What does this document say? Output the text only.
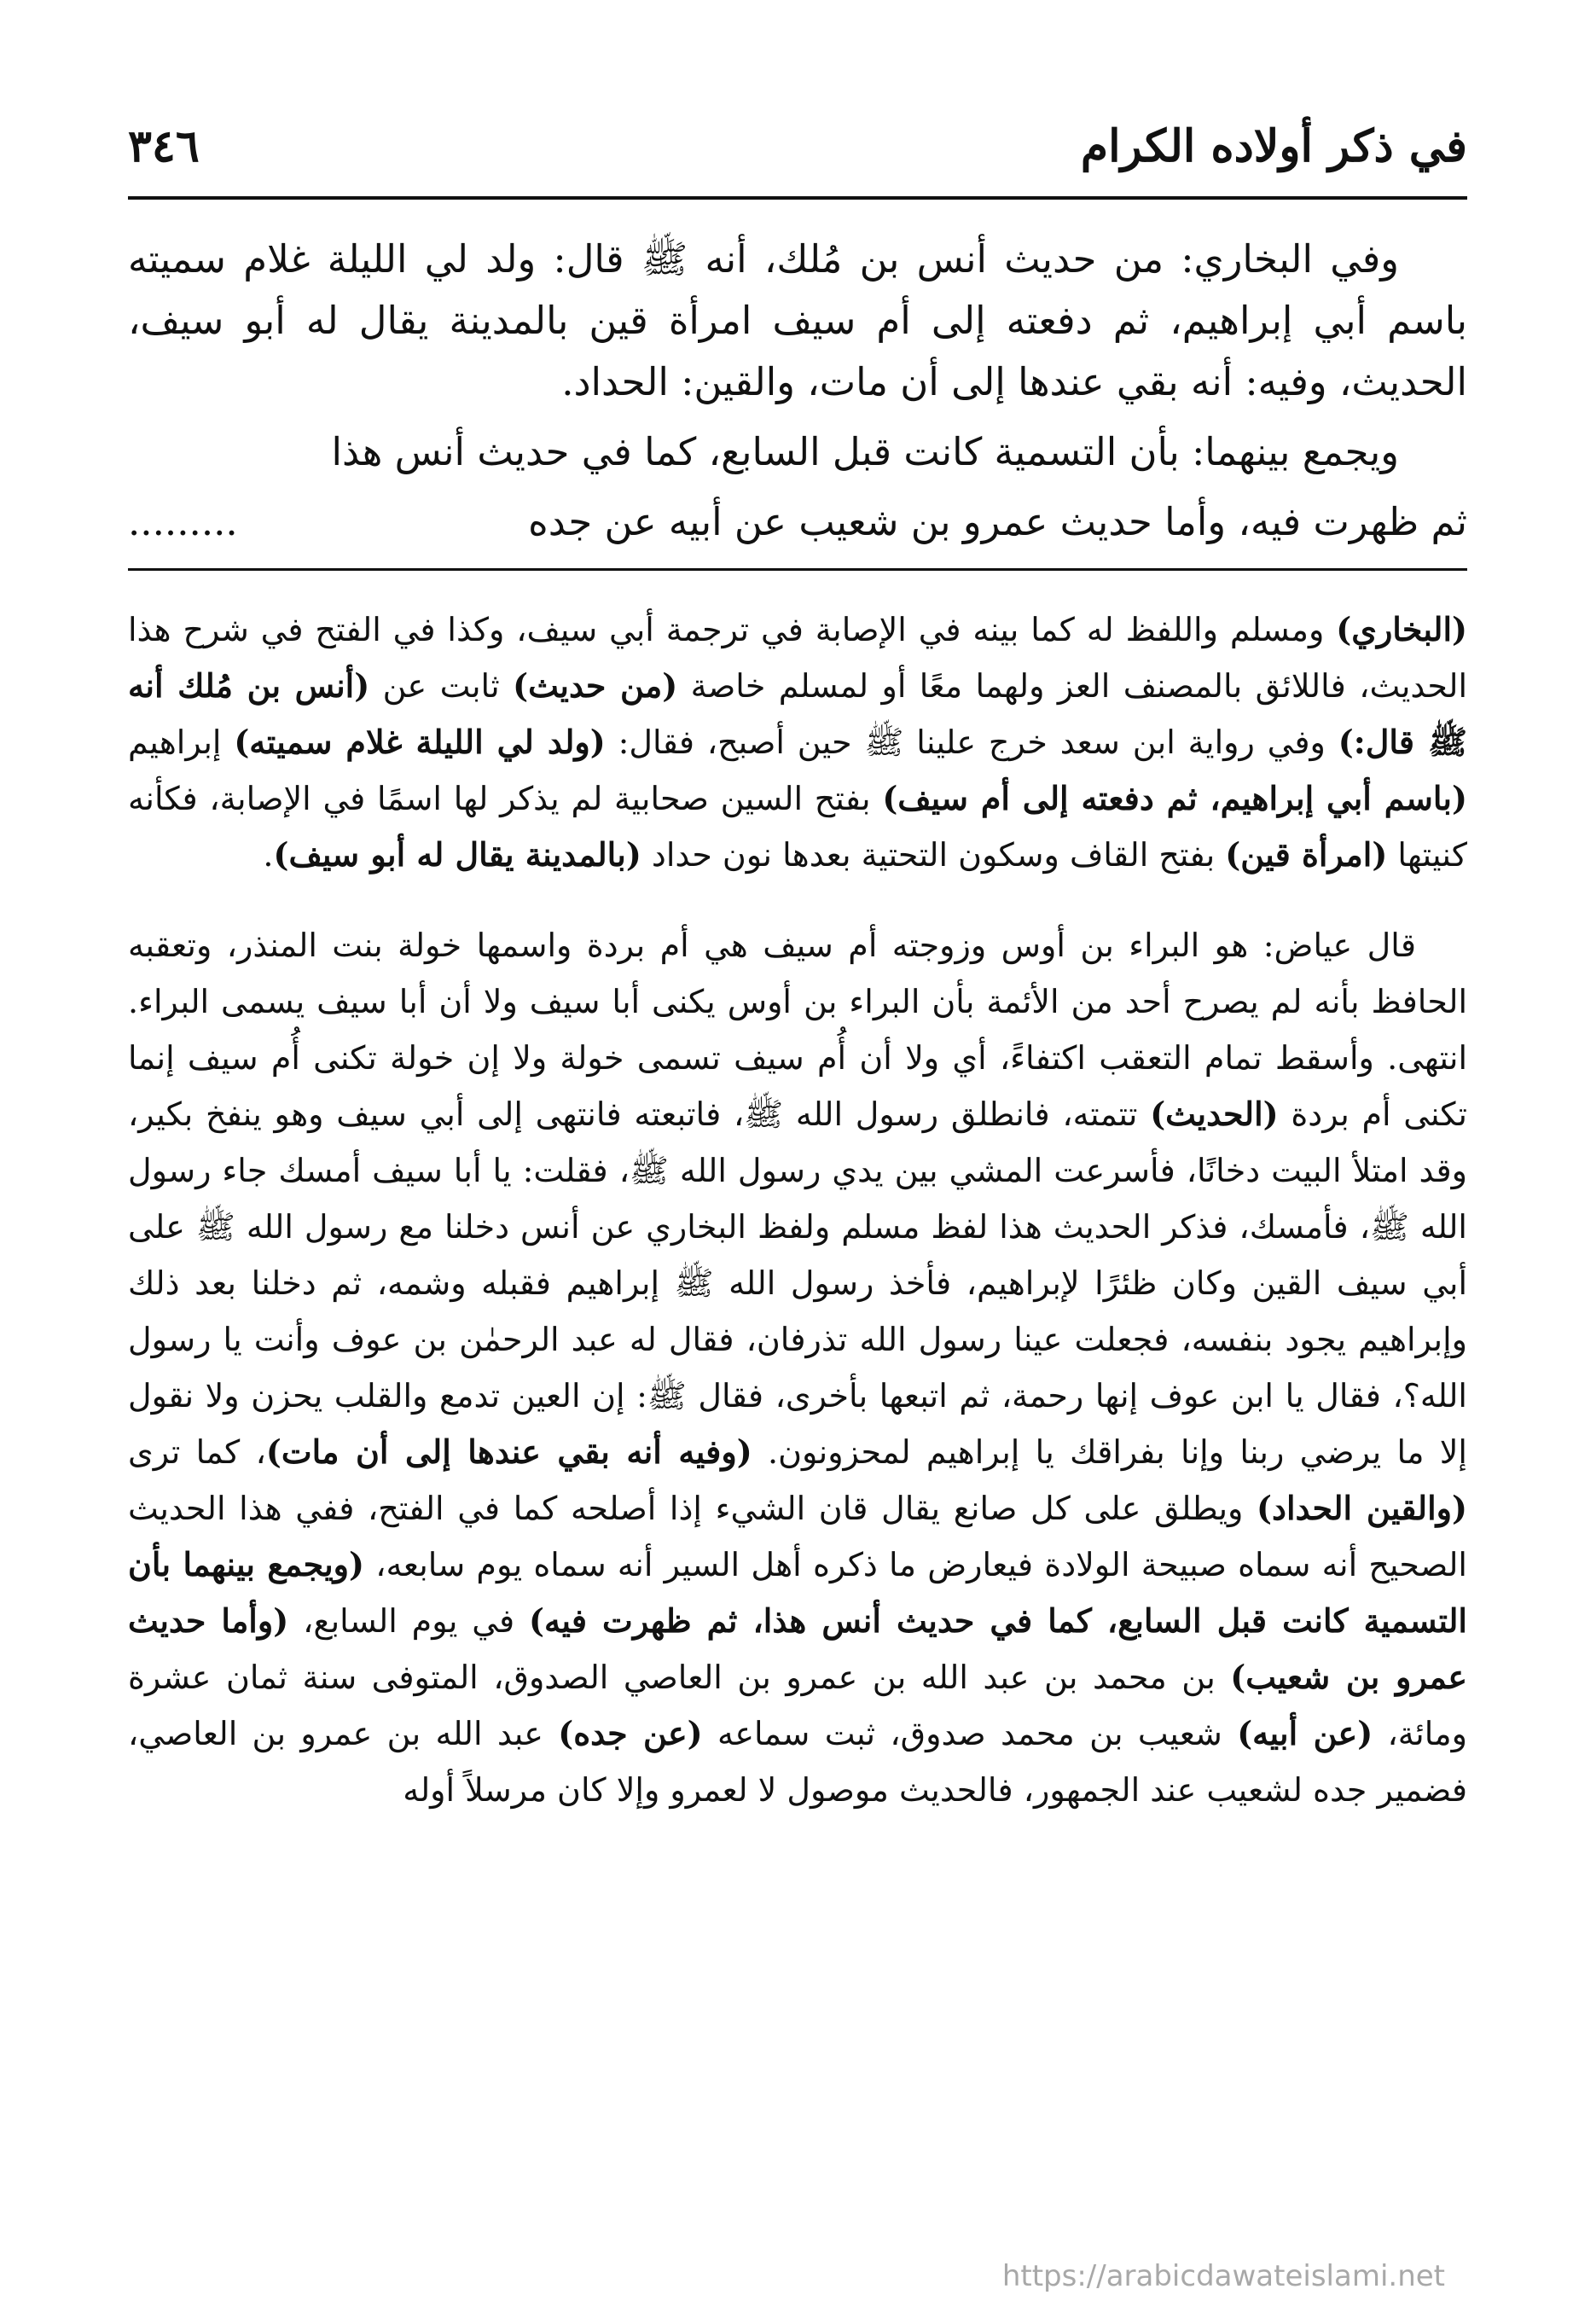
في ذكر أولاده الكرام
٣٤٦

وفي البخاري: من حديث أنس بن مُلك، أنه ﷺ قال: ولد لي الليلة غلام سميته باسم أبي إبراهيم، ثم دفعته إلى أم سيف امرأة قين بالمدينة يقال له أبو سيف، الحديث، وفيه: أنه بقي عندها إلى أن مات، والقين: الحداد.

ويجمع بينهما: بأن التسمية كانت قبل السابع، كما في حديث أنس هذا

ثم ظهرت فيه، وأما حديث عمرو بن شعيب عن أبيه عن جده
.........

(البخاري) ومسلم واللفظ له كما بينه في الإصابة في ترجمة أبي سيف، وكذا في الفتح في شرح هذا الحديث، فاللائق بالمصنف العز ولهما معًا أو لمسلم خاصة (من حديث) ثابت عن (أنس بن مُلك أنه ﷺ قال:) وفي رواية ابن سعد خرج علينا ﷺ حين أصبح، فقال: (ولد لي الليلة غلام سميته) إبراهيم (باسم أبي إبراهيم، ثم دفعته إلى أم سيف) بفتح السين صحابية لم يذكر لها اسمًا في الإصابة، فكأنه كنيتها (امرأة قين) بفتح القاف وسكون التحتية بعدها نون حداد (بالمدينة يقال له أبو سيف).

قال عياض: هو البراء بن أوس وزوجته أم سيف هي أم بردة واسمها خولة بنت المنذر، وتعقبه الحافظ بأنه لم يصرح أحد من الأئمة بأن البراء بن أوس يكنى أبا سيف ولا أن أبا سيف يسمى البراء. انتهى. وأسقط تمام التعقب اكتفاءً، أي ولا أن أُم سيف تسمى خولة ولا إن خولة تكنى أُم سيف إنما تكنى أم بردة (الحديث) تتمته، فانطلق رسول الله ﷺ، فاتبعته فانتهى إلى أبي سيف وهو ينفخ بكير، وقد امتلأ البيت دخانًا، فأسرعت المشي بين يدي رسول الله ﷺ، فقلت: يا أبا سيف أمسك جاء رسول الله ﷺ، فأمسك، فذكر الحديث هذا لفظ مسلم ولفظ البخاري عن أنس دخلنا مع رسول الله ﷺ على أبي سيف القين وكان ظئرًا لإبراهيم، فأخذ رسول الله ﷺ إبراهيم فقبله وشمه، ثم دخلنا بعد ذلك وإبراهيم يجود بنفسه، فجعلت عينا رسول الله تذرفان، فقال له عبد الرحمٰن بن عوف وأنت يا رسول الله؟، فقال يا ابن عوف إنها رحمة، ثم اتبعها بأخرى، فقال ﷺ: إن العين تدمع والقلب يحزن ولا نقول إلا ما يرضي ربنا وإنا بفراقك يا إبراهيم لمحزونون. (وفيه أنه بقي عندها إلى أن مات)، كما ترى (والقين الحداد) ويطلق على كل صانع يقال قان الشيء إذا أصلحه كما في الفتح، ففي هذا الحديث الصحيح أنه سماه صبيحة الولادة فيعارض ما ذكره أهل السير أنه سماه يوم سابعه، (ويجمع بينهما بأن التسمية كانت قبل السابع، كما في حديث أنس هذا، ثم ظهرت فيه) في يوم السابع، (وأما حديث عمرو بن شعيب) بن محمد بن عبد الله بن عمرو بن العاصي الصدوق، المتوفى سنة ثمان عشرة ومائة، (عن أبيه) شعيب بن محمد صدوق، ثبت سماعه (عن جده) عبد الله بن عمرو بن العاصي، فضمير جده لشعيب عند الجمهور، فالحديث موصول لا لعمرو وإلا كان مرسلاً أوله

https://arabicdawateislami.net
